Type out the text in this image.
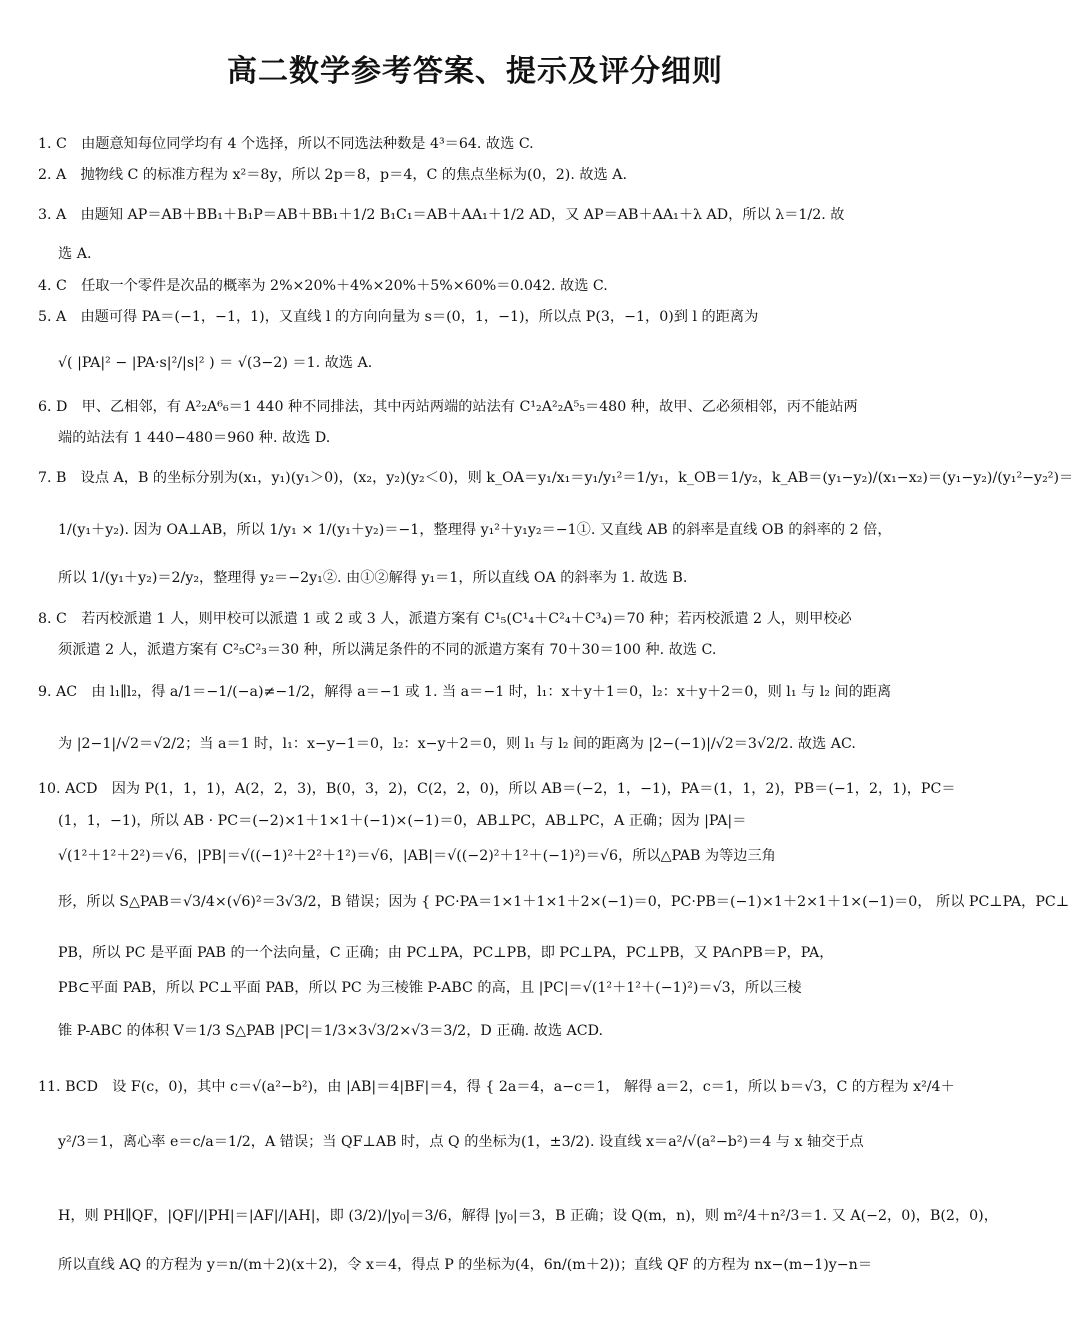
高二数学参考答案、提示及评分细则
1. C　由题意知每位同学均有 4 个选择，所以不同选法种数是 4³＝64. 故选 C.
2. A　抛物线 C 的标准方程为 x²＝8y，所以 2p＝8，p＝4，C 的焦点坐标为(0，2). 故选 A.
3. A　由题知 AP＝AB＋BB₁＋B₁P＝AB＋BB₁＋1/2 B₁C₁＝AB＋AA₁＋1/2 AD，又 AP＝AB＋AA₁＋λ AD，所以 λ＝1/2. 故
选 A.
4. C　任取一个零件是次品的概率为 2%×20%＋4%×20%＋5%×60%＝0.042. 故选 C.
5. A　由题可得 PA＝(−1，−1，1)，又直线 l 的方向向量为 s＝(0，1，−1)，所以点 P(3，−1，0)到 l 的距离为
√( |PA|² − |PA·s|²/|s|² ) ＝ √(3−2) ＝1. 故选 A.
6. D　甲、乙相邻，有 A²₂A⁶₆＝1 440 种不同排法，其中丙站两端的站法有 C¹₂A²₂A⁵₅＝480 种，故甲、乙必须相邻，丙不能站两
端的站法有 1 440−480＝960 种. 故选 D.
7. B　设点 A，B 的坐标分别为(x₁，y₁)(y₁＞0)，(x₂，y₂)(y₂＜0)，则 k_OA＝y₁/x₁＝y₁/y₁²＝1/y₁，k_OB＝1/y₂，k_AB＝(y₁−y₂)/(x₁−x₂)＝(y₁−y₂)/(y₁²−y₂²)＝
1/(y₁＋y₂). 因为 OA⊥AB，所以 1/y₁ × 1/(y₁＋y₂)＝−1，整理得 y₁²＋y₁y₂＝−1①. 又直线 AB 的斜率是直线 OB 的斜率的 2 倍，
所以 1/(y₁＋y₂)＝2/y₂，整理得 y₂＝−2y₁②. 由①②解得 y₁＝1，所以直线 OA 的斜率为 1. 故选 B.
8. C　若丙校派遣 1 人，则甲校可以派遣 1 或 2 或 3 人，派遣方案有 C¹₅(C¹₄＋C²₄＋C³₄)＝70 种；若丙校派遣 2 人，则甲校必
须派遣 2 人，派遣方案有 C²₅C²₃＝30 种，所以满足条件的不同的派遣方案有 70＋30＝100 种. 故选 C.
9. AC　由 l₁∥l₂，得 a/1＝−1/(−a)≠−1/2，解得 a＝−1 或 1. 当 a＝−1 时，l₁：x＋y＋1＝0，l₂：x＋y＋2＝0，则 l₁ 与 l₂ 间的距离
为 |2−1|/√2＝√2/2；当 a＝1 时，l₁：x−y−1＝0，l₂：x−y＋2＝0，则 l₁ 与 l₂ 间的距离为 |2−(−1)|/√2＝3√2/2. 故选 AC.
10. ACD　因为 P(1，1，1)，A(2，2，3)，B(0，3，2)，C(2，2，0)，所以 AB＝(−2，1，−1)，PA＝(1，1，2)，PB＝(−1，2，1)，PC＝
(1，1，−1)，所以 AB · PC＝(−2)×1＋1×1＋(−1)×(−1)＝0，AB⊥PC，AB⊥PC，A 正确；因为 |PA|＝
√(1²＋1²＋2²)＝√6，|PB|＝√((−1)²＋2²＋1²)＝√6，|AB|＝√((−2)²＋1²＋(−1)²)＝√6，所以△PAB 为等边三角
形，所以 S△PAB＝√3/4×(√6)²＝3√3/2，B 错误；因为 { PC·PA＝1×1＋1×1＋2×(−1)＝0，PC·PB＝(−1)×1＋2×1＋1×(−1)＝0， 所以 PC⊥PA，PC⊥
PB，所以 PC 是平面 PAB 的一个法向量，C 正确；由 PC⊥PA，PC⊥PB，即 PC⊥PA，PC⊥PB，又 PA∩PB＝P，PA，
PB⊂平面 PAB，所以 PC⊥平面 PAB，所以 PC 为三棱锥 P-ABC 的高，且 |PC|＝√(1²＋1²＋(−1)²)＝√3，所以三棱
锥 P-ABC 的体积 V＝1/3 S△PAB |PC|＝1/3×3√3/2×√3＝3/2，D 正确. 故选 ACD.
11. BCD　设 F(c，0)，其中 c＝√(a²−b²)，由 |AB|＝4|BF|＝4，得 { 2a＝4，a−c＝1， 解得 a＝2，c＝1，所以 b＝√3，C 的方程为 x²/4＋
y²/3＝1，离心率 e＝c/a＝1/2，A 错误；当 QF⊥AB 时，点 Q 的坐标为(1，±3/2). 设直线 x＝a²/√(a²−b²)＝4 与 x 轴交于点
H，则 PH∥QF，|QF|/|PH|＝|AF|/|AH|，即 (3/2)/|y₀|＝3/6，解得 |y₀|＝3，B 正确；设 Q(m，n)，则 m²/4＋n²/3＝1. 又 A(−2，0)，B(2，0)，
所以直线 AQ 的方程为 y＝n/(m＋2)(x＋2)，令 x＝4，得点 P 的坐标为(4，6n/(m＋2))；直线 QF 的方程为 nx−(m−1)y−n＝
